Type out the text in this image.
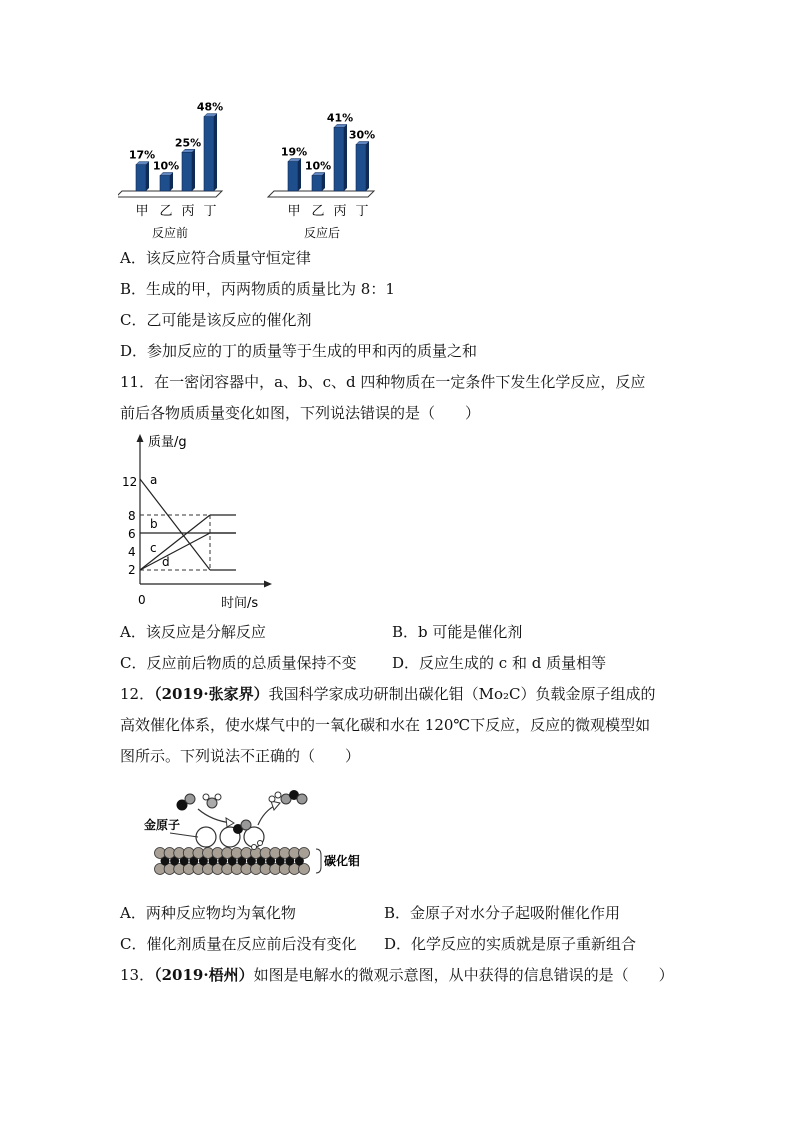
17%
甲
10%
乙
25%
丙
48%
丁
反应前
19%
甲
10%
乙
41%
丙
30%
丁
反应后
A．该反应符合质量守恒定律
B．生成的甲，丙两物质的质量比为 8：1
C．乙可能是该反应的催化剂
D．参加反应的丁的质量等于生成的甲和丙的质量之和
11．在一密闭容器中，a、b、c、d 四种物质在一定条件下发生化学反应，反应
前后各物质质量变化如图，下列说法错误的是（　　）
质量/g
时间/s
0
12
8
6
4
2
a
b
c
d
A．该反应是分解反应	B．b 可能是催化剂
C．反应前后物质的总质量保持不变 D．反应生成的 c 和 d 质量相等
12．（2019·张家界）我国科学家成功研制出碳化钼（Mo₂C）负载金原子组成的
高效催化体系，使水煤气中的一氧化碳和水在 120℃下反应，反应的微观模型如
图所示。下列说法不正确的（　　）
金原子
碳化钼
A．两种反应物均为氧化物	B．金原子对水分子起吸附催化作用
C．催化剂质量在反应前后没有变化 D．化学反应的实质就是原子重新组合
13．（2019·梧州）如图是电解水的微观示意图，从中获得的信息错误的是（　　）
